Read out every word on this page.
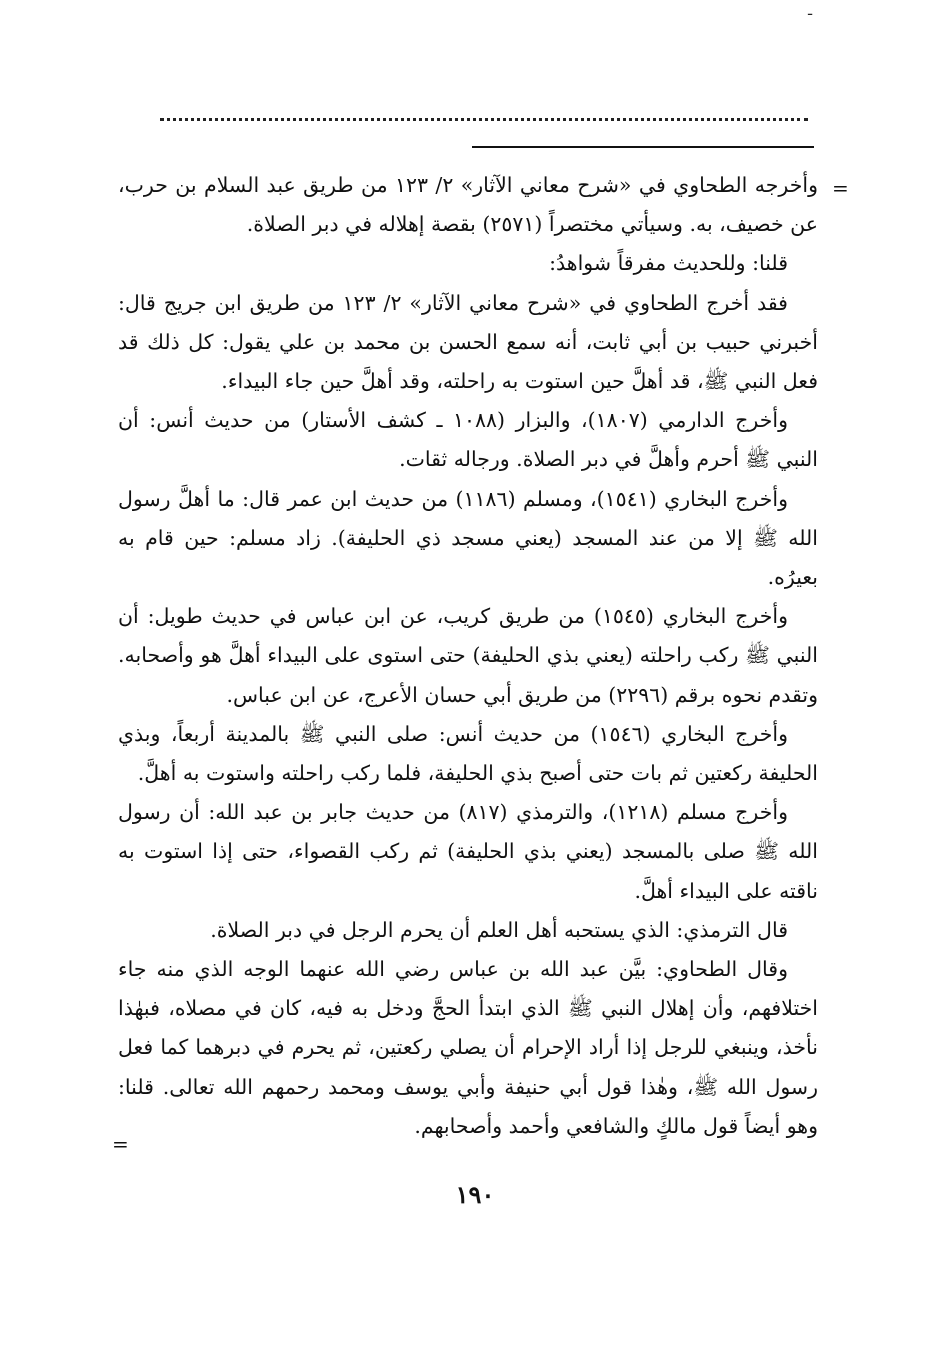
ـ
=

وأخرجه الطحاوي في «شرح معاني الآثار» ٢/ ١٢٣ من طريق عبد السلام بن حرب، عن خصيف، به. وسيأتي مختصراً (٢٥٧١) بقصة إهلاله في دبر الصلاة.

قلنا: وللحديث مفرقاً شواهدُ:

فقد أخرج الطحاوي في «شرح معاني الآثار» ٢/ ١٢٣ من طريق ابن جريج قال: أخبرني حبيب بن أبي ثابت، أنه سمع الحسن بن محمد بن علي يقول: كل ذلك قد فعل النبي ﷺ، قد أهلَّ حين استوت به راحلته، وقد أهلَّ حين جاء البيداء.

وأخرج الدارمي (١٨٠٧)، والبزار (١٠٨٨ ـ كشف الأستار) من حديث أنس: أن النبي ﷺ أحرم وأهلَّ في دبر الصلاة. ورجاله ثقات.

وأخرج البخاري (١٥٤١)، ومسلم (١١٨٦) من حديث ابن عمر قال: ما أهلَّ رسول الله ﷺ إلا من عند المسجد (يعني مسجد ذي الحليفة). زاد مسلم: حين قام به بعيرُه.

وأخرج البخاري (١٥٤٥) من طريق كريب، عن ابن عباس في حديث طويل: أن النبي ﷺ ركب راحلته (يعني بذي الحليفة) حتى استوى على البيداء أهلَّ هو وأصحابه. وتقدم نحوه برقم (٢٢٩٦) من طريق أبي حسان الأعرج، عن ابن عباس.

وأخرج البخاري (١٥٤٦) من حديث أنس: صلى النبي ﷺ بالمدينة أربعاً، وبذي الحليفة ركعتين ثم بات حتى أصبح بذي الحليفة، فلما ركب راحلته واستوت به أهلَّ.

وأخرج مسلم (١٢١٨)، والترمذي (٨١٧) من حديث جابر بن عبد الله: أن رسول الله ﷺ صلى بالمسجد (يعني بذي الحليفة) ثم ركب القصواء، حتى إذا استوت به ناقته على البيداء أهلَّ.

قال الترمذي: الذي يستحبه أهل العلم أن يحرم الرجل في دبر الصلاة.

وقال الطحاوي: بيَّن عبد الله بن عباس رضي الله عنهما الوجه الذي منه جاء اختلافهم، وأن إهلال النبي ﷺ الذي ابتدأ الحجَّ ودخل به فيه، كان في مصلاه، فبهٰذا نأخذ، وينبغي للرجل إذا أراد الإحرام أن يصلي ركعتين، ثم يحرم في دبرهما كما فعل رسول الله ﷺ، وهٰذا قول أبي حنيفة وأبي يوسف ومحمد رحمهم الله تعالى. قلنا: وهو أيضاً قول مالكٍ والشافعي وأحمد وأصحابهم.

=
١٩٠
